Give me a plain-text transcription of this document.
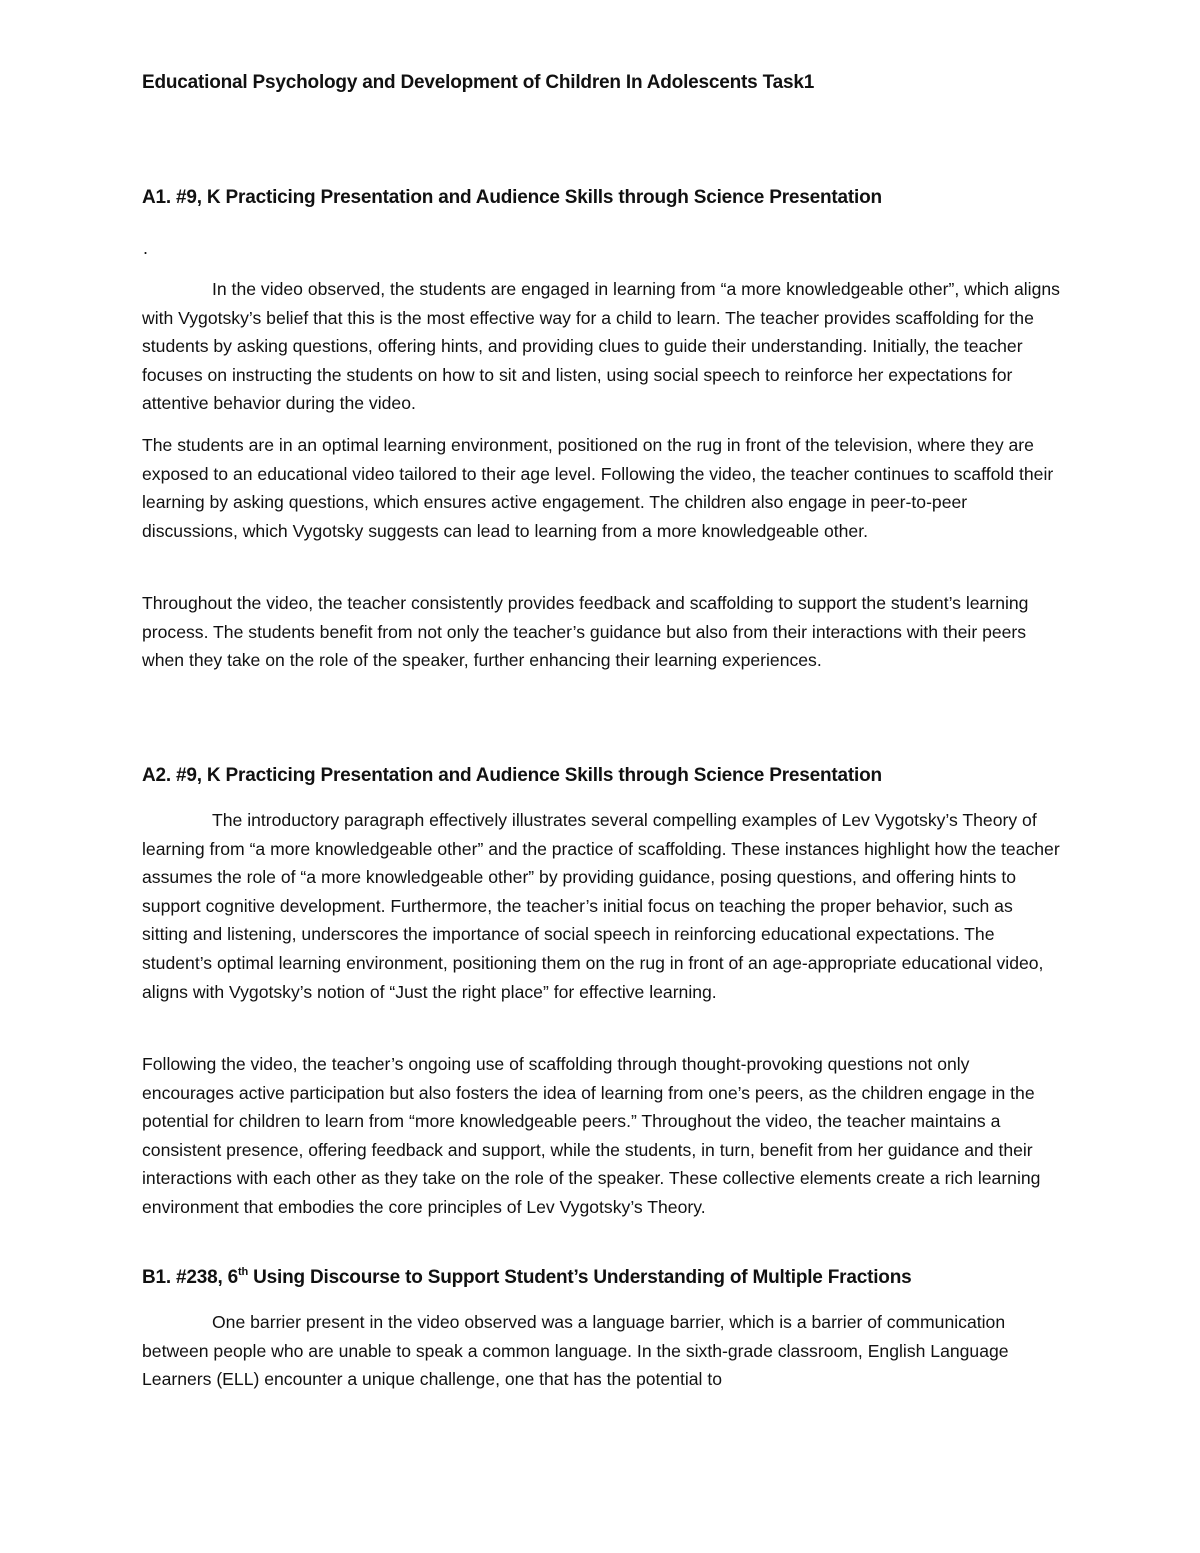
Educational Psychology and Development of Children In Adolescents Task1
A1. #9, K Practicing Presentation and Audience Skills through Science Presentation
.

In the video observed, the students are engaged in learning from “a more knowledgeable other”, which aligns with Vygotsky’s belief that this is the most effective way for a child to learn. The teacher provides scaffolding for the students by asking questions, offering hints, and providing clues to guide their understanding. Initially, the teacher focuses on instructing the students on how to sit and listen, using social speech to reinforce her expectations for attentive behavior during the video.

The students are in an optimal learning environment, positioned on the rug in front of the television, where they are exposed to an educational video tailored to their age level. Following the video, the teacher continues to scaffold their learning by asking questions, which ensures active engagement. The children also engage in peer-to-peer discussions, which Vygotsky suggests can lead to learning from a more knowledgeable other.

Throughout the video, the teacher consistently provides feedback and scaffolding to support the student’s learning process. The students benefit from not only the teacher’s guidance but also from their interactions with their peers when they take on the role of the speaker, further enhancing their learning experiences.

A2. #9, K Practicing Presentation and Audience Skills through Science Presentation

The introductory paragraph effectively illustrates several compelling examples of Lev Vygotsky’s Theory of learning from “a more knowledgeable other” and the practice of scaffolding. These instances highlight how the teacher assumes the role of “a more knowledgeable other” by providing guidance, posing questions, and offering hints to support cognitive development. Furthermore, the teacher’s initial focus on teaching the proper behavior, such as sitting and listening, underscores the importance of social speech in reinforcing educational expectations. The student’s optimal learning environment, positioning them on the rug in front of an age-appropriate educational video, aligns with Vygotsky’s notion of “Just the right place” for effective learning.

Following the video, the teacher’s ongoing use of scaffolding through thought-provoking questions not only encourages active participation but also fosters the idea of learning from one’s peers, as the children engage in the potential for children to learn from “more knowledgeable peers.” Throughout the video, the teacher maintains a consistent presence, offering feedback and support, while the students, in turn, benefit from her guidance and their interactions with each other as they take on the role of the speaker. These collective elements create a rich learning environment that embodies the core principles of Lev Vygotsky’s Theory.

B1. #238, 6th Using Discourse to Support Student’s Understanding of Multiple Fractions

One barrier present in the video observed was a language barrier, which is a barrier of communication between people who are unable to speak a common language. In the sixth-grade classroom, English Language Learners (ELL) encounter a unique challenge, one that has the potential to
